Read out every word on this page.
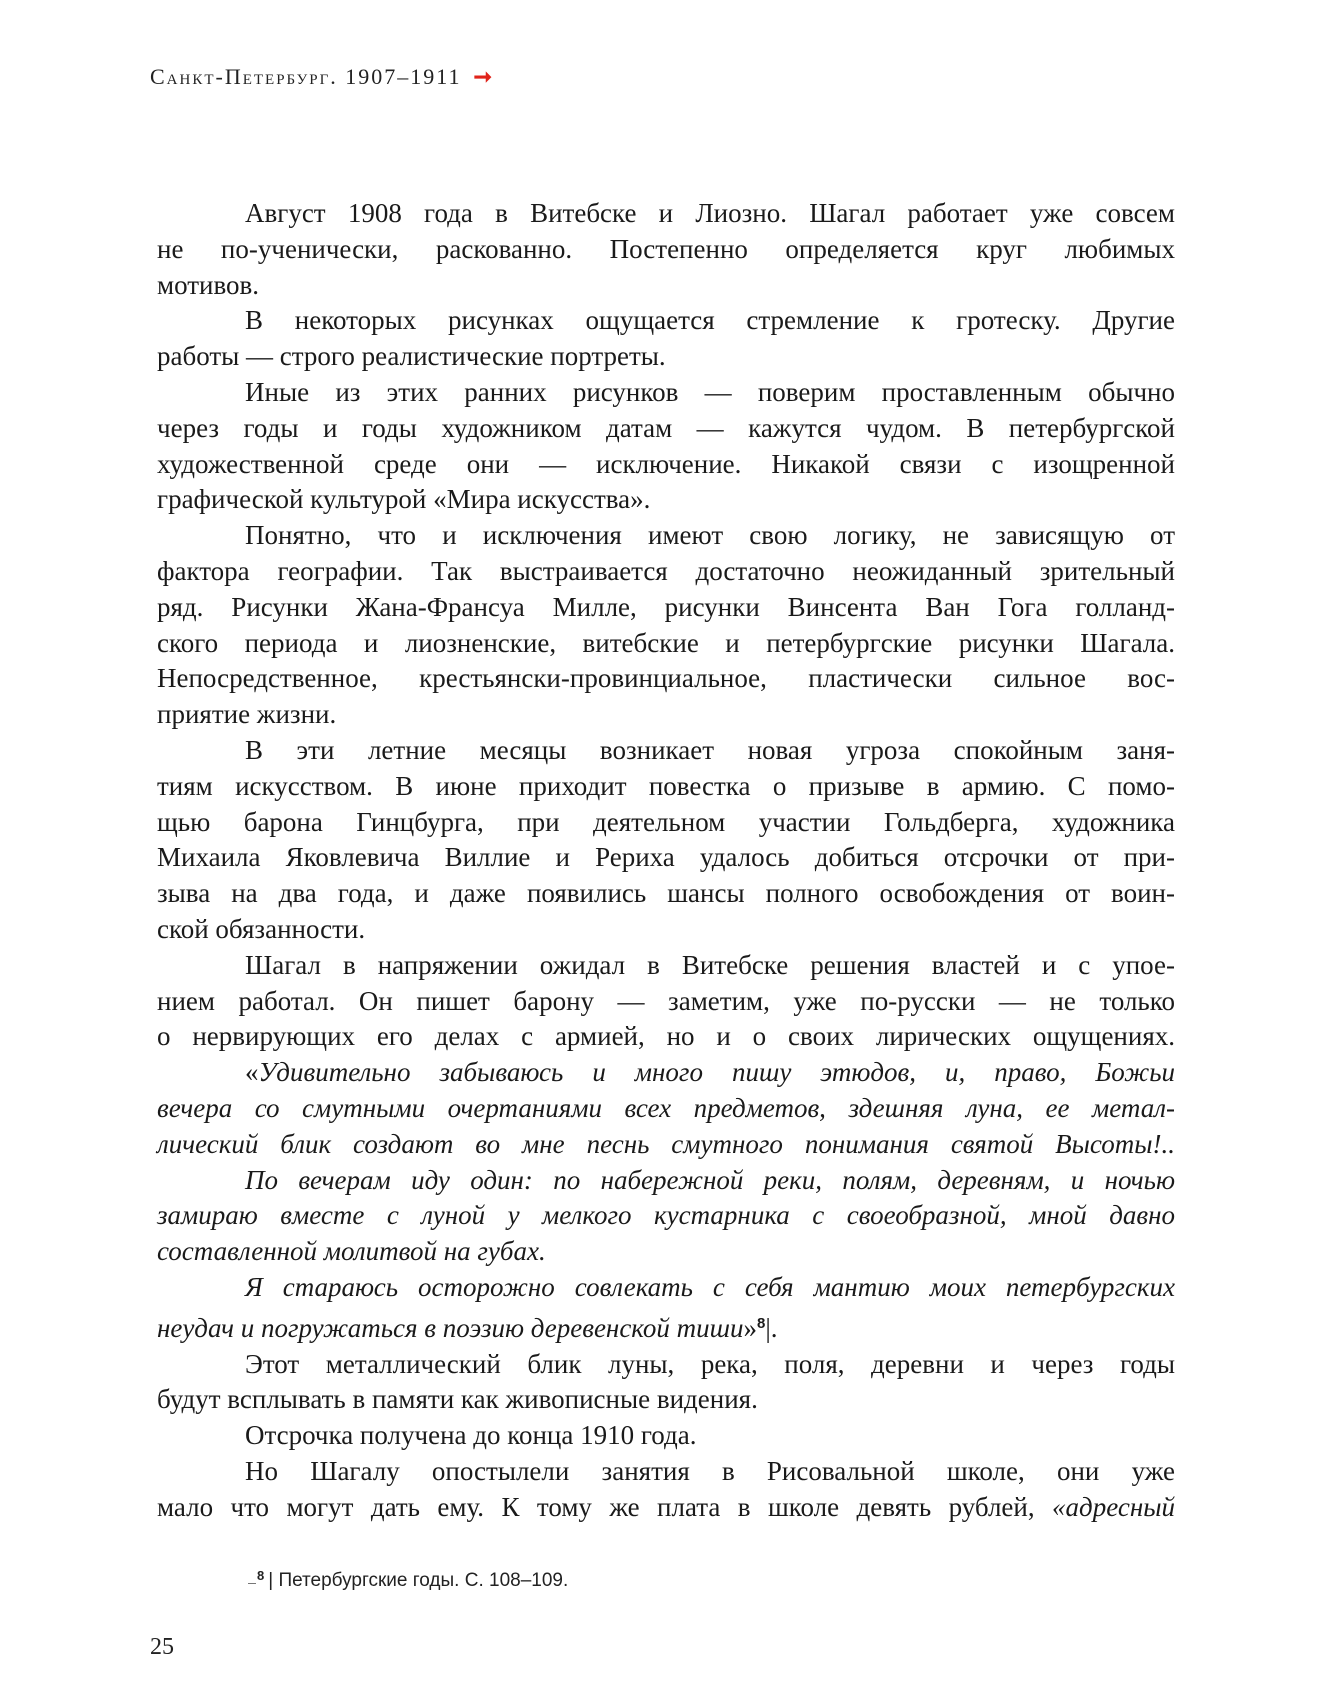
Санкт-Петербург. 1907–1911 ➞
Август 1908 года в Витебске и Лиозно. Шагал работает уже совсем
не по-ученически, раскованно. Постепенно определяется круг любимых
мотивов.
В некоторых рисунках ощущается стремление к гротеску. Другие
работы — строго реалистические портреты.
Иные из этих ранних рисунков — поверим проставленным обычно
через годы и годы художником датам — кажутся чудом. В петербургской
художественной среде они — исключение. Никакой связи с изощренной
графической культурой «Мира искусства».
Понятно, что и исключения имеют свою логику, не зависящую от
фактора географии. Так выстраивается достаточно неожиданный зрительный
ряд. Рисунки Жана-Франсуа Милле, рисунки Винсента Ван Гога голланд-
ского периода и лиозненские, витебские и петербургские рисунки Шагала.
Непосредственное, крестьянски-провинциальное, пластически сильное вос-
приятие жизни.
В эти летние месяцы возникает новая угроза спокойным заня-
тиям искусством. В июне приходит повестка о призыве в армию. С помо-
щью барона Гинцбурга, при деятельном участии Гольдберга, художника
Михаила Яковлевича Виллие и Рериха удалось добиться отсрочки от при-
зыва на два года, и даже появились шансы полного освобождения от воин-
ской обязанности.
Шагал в напряжении ожидал в Витебске решения властей и с упое-
нием работал. Он пишет барону — заметим, уже по-русски — не только
о нервирующих его делах с армией, но и о своих лирических ощущениях.
«Удивительно забываюсь и много пишу этюдов, и, право, Божьи
вечера со смутными очертаниями всех предметов, здешняя луна, ее метал-
лический блик создают во мне песнь смутного понимания святой Высоты!..
По вечерам иду один: по набережной реки, полям, деревням, и ночью
замираю вместе с луной у мелкого кустарника с своеобразной, мной давно
составленной молитвой на губах.
Я стараюсь осторожно совлекать с себя мантию моих петербургских
неудач и погружаться в поэзию деревенской тиши»$^8$|.
Этот металлический блик луны, река, поля, деревни и через годы
будут всплывать в памяти как живописные видения.
Отсрочка получена до конца 1910 года.
Но Шагалу опостылели занятия в Рисовальной школе, они уже
мало что могут дать ему. К тому же плата в школе девять рублей, «адресный
$^8$ | Петербургские годы. С. 108–109.
25
